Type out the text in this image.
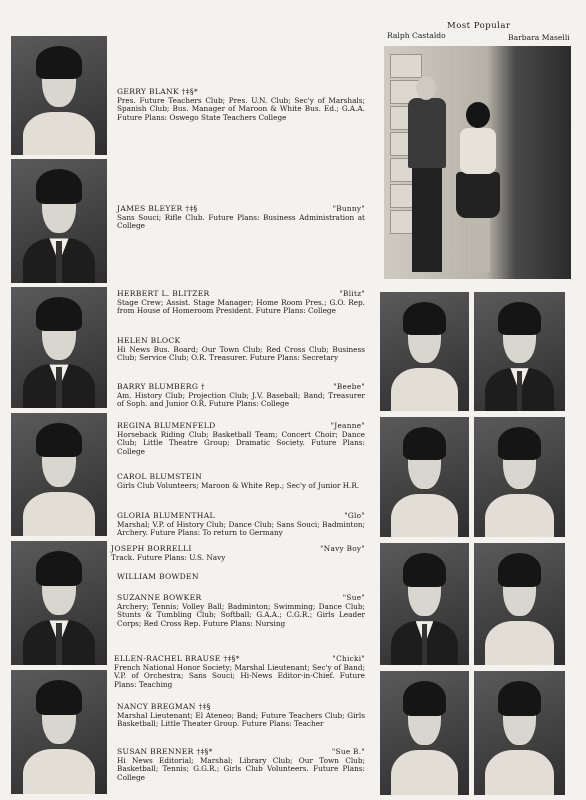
Most Popular
Ralph Castaldo	Barbara Maselli
GERRY BLANK †‡§*
Pres. Future Teachers Club; Pres. U.N. Club; Sec'y of Marshals; Spanish Club; Bus. Manager of Maroon & White Bus. Ed.; G.A.A. Future Plans: Oswego State Teachers College
JAMES BLEYER †‡§	"Bunny"
Sans Souci; Rifle Club. Future Plans: Business Administration at College
HERBERT L. BLITZER	"Blitz"
Stage Crew; Assist. Stage Manager; Home Room Pres.; G.O. Rep. from House of Homeroom President. Future Plans: College
HELEN BLOCK
Hi News Bus. Board; Our Town Club; Red Cross Club; Business Club; Service Club; O.R. Treasurer. Future Plans: Secretary
BARRY BLUMBERG †	"Beebe"
Am. History Club; Projection Club; J.V. Baseball; Band; Treasurer of Soph. and Junior O.R. Future Plans: College
REGINA BLUMENFELD	"Jeanne"
Horseback Riding Club; Basketball Team; Concert Choir; Dance Club; Little Theatre Group; Dramatic Society. Future Plans: College
CAROL BLUMSTEIN
Girls Club Volunteers; Maroon & White Rep.; Sec'y of Junior H.R.
GLORIA BLUMENTHAL	"Glo"
Marshal; V.P. of History Club; Dance Club; Sans Souci; Badminton; Archery. Future Plans: To return to Germany
JOSEPH BORRELLI	"Navy Boy"
Track. Future Plans: U.S. Navy
WILLIAM BOWDEN
SUZANNE BOWKER	"Sue"
Archery; Tennis; Volley Ball; Badminton; Swimming; Dance Club; Stunts & Tumbling Club; Softball; G.A.A.; C.G.R.; Girls Leader Corps; Red Cross Rep. Future Plans: Nursing
ELLEN-RACHEL BRAUSE †‡§*	"Chicki"
French National Honor Society; Marshal Lieutenant; Sec'y of Band; V.P. of Orchestra; Sans Souci; Hi-News Editor-in-Chief. Future Plans: Teaching
NANCY BREGMAN †‡§
Marshal Lieutenant; El Ateneo; Band; Future Teachers Club; Girls Basketball; Little Theater Group. Future Plans: Teacher
SUSAN BRENNER †‡§*	"Sue B."
Hi News Editorial; Marshal; Library Club; Our Town Club; Basketball; Tennis; G.G.R.; Girls Club Volunteers. Future Plans: College
